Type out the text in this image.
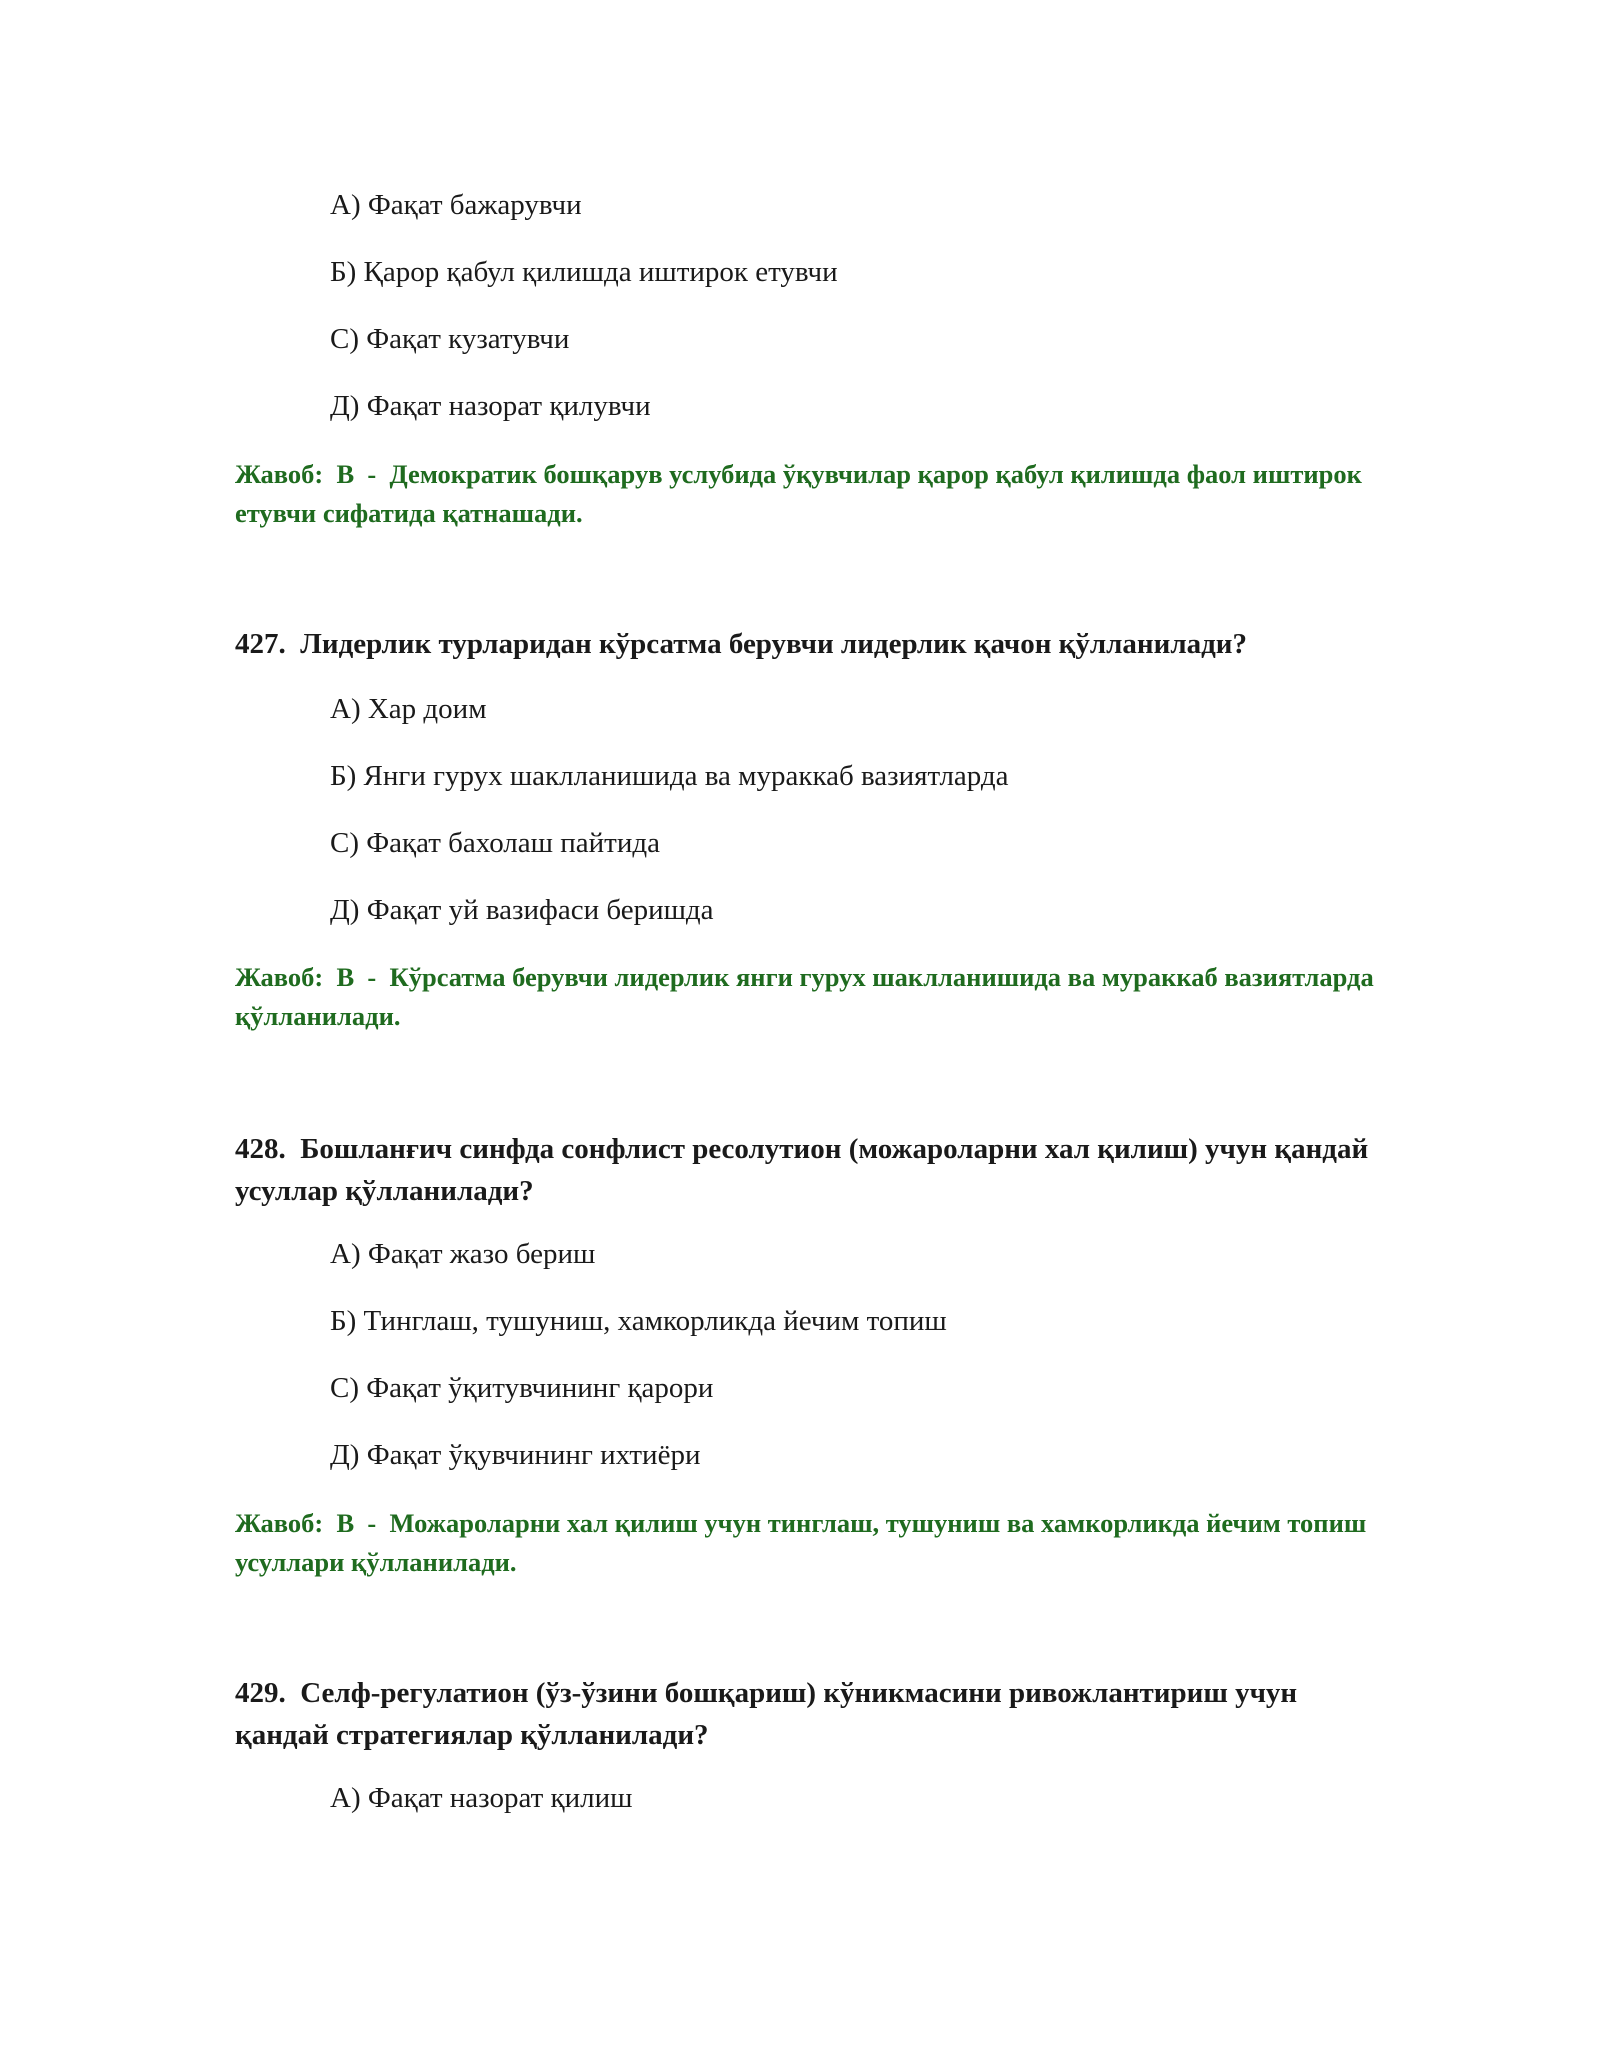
А) Фақат бажарувчи
Б) Қарор қабул қилишда иштирок етувчи
С) Фақат кузатувчи
Д) Фақат назорат қилувчи
Жавоб:  В  -  Демократик бошқарув услубида ўқувчилар қарор қабул қилишда фаол иштирок етувчи сифатида қатнашади.
427. Лидерлик турларидан кўрсатма берувчи лидерлик қачон қўлланилади?
А) Хар доим
Б) Янги гурух шаклланишида ва мураккаб вазиятларда
С) Фақат бахолаш пайтида
Д) Фақат уй вазифаси беришда
Жавоб:  В  -  Кўрсатма берувчи лидерлик янги гурух шаклланишида ва мураккаб вазиятларда қўлланилади.
428. Бошланғич синфда сонфлист ресолутион (можароларни хал қилиш) учун қандай усуллар қўлланилади?
А) Фақат жазо бериш
Б) Тинглаш, тушуниш, хамкорликда йечим топиш
С) Фақат ўқитувчининг қарори
Д) Фақат ўқувчининг ихтиёри
Жавоб:  В  -  Можароларни хал қилиш учун тинглаш, тушуниш ва хамкорликда йечим топиш усуллари қўлланилади.
429. Селф-регулатион (ўз-ўзини бошқариш) кўникмасини ривожлантириш учун қандай стратегиялар қўлланилади?
А) Фақат назорат қилиш
